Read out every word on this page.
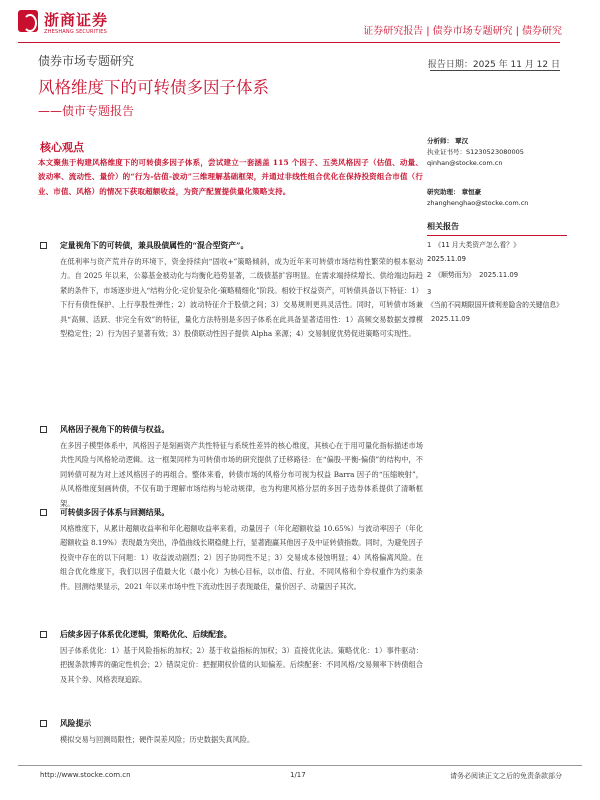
浙商证券
ZHESHANG SECURITIES	证券研究报告 | 债券市场专题研究 | 债券研究
债券市场专题研究	报告日期：2025 年 11 月 12 日
风格维度下的可转债多因子体系
——债市专题报告
核心观点
本文聚焦于构建风格维度下的可转债多因子体系，尝试建立一套涵盖 115 个因子、五类风格因子（估值、动量、波动率、流动性、量价）的“行为-估值-波动”三维理解基础框架，并通过非线性组合优化在保持投资组合市值（行业、市值、风格）的情况下获取超额收益，为资产配置提供量化策略支持。
定量视角下的可转债，兼具股债属性的“混合型资产”。
在低利率与资产荒并存的环境下，资金持续向“固收+”策略倾斜，成为近年来可转债市场结构性繁荣的根本驱动力。自 2025 年以来，公募基金被动化与均衡化趋势显著，二级债基扩容明显。在需求端持续增长、供给端边际趋紧的条件下，市场逐步进入“结构分化-定价复杂化-策略精细化”阶段。相较于权益资产，可转债具备以下特征：1）下行有债性保护、上行享股性弹性；2）波动特征介于股债之间；3）交易规则更具灵活性。同时，可转债市场兼具“高频、活跃、非完全有效”的特征，量化方法特别是多因子体系在此具备显著适用性：1）高频交易数据支撑模型稳定性；2）行为因子显著有效；3）股债联动性因子提供 Alpha 来源；4）交易制度优势促进策略可实现性。
风格因子视角下的转债与权益。
在多因子模型体系中，风格因子是刻画资产共性特征与系统性差异的核心维度，其核心在于用可量化指标描述市场共性风险与风格轮动逻辑。这一框架同样为可转债市场的研究提供了迁移路径：在“偏股-平衡-偏债”的结构中，不同转债可视为对上述风格因子的再组合。整体来看，转债市场的风格分布可视为权益 Barra 因子的“压缩映射”，从风格维度刻画转债，不仅有助于理解市场结构与轮动规律，也为构建风格分层的多因子选券体系提供了清晰框架。
可转债多因子体系与回测结果。
风格维度下，从累计超额收益率和年化超额收益率来看，动量因子（年化超额收益 10.65%）与波动率因子（年化超额收益 8.19%）表现最为突出，净值曲线长期稳健上行，显著跑赢其他因子及中证转债指数。同时，为避免因子投资中存在的以下问题：1）收益波动剧烈；2）因子协同性不足；3）交易成本侵蚀明显；4）风格偏离风险。在组合优化维度下，我们以因子值最大化（最小化）为核心目标，以市值、行业、不同风格和个券权重作为约束条件。回测结果显示，2021 年以来市场中性下流动性因子表现最佳，量价因子、动量因子其次。
后续多因子体系优化逻辑，策略优化、后续配套。
因子体系优化：1）基于风险指标的加权；2）基于收益指标的加权；3）直接优化法。策略优化：1）事件驱动：把握条款博弈的确定性机会；2）错误定价：把握期权价值的认知偏差。后续配套：不同风格/交易频率下转债组合及其个券、风格表现追踪。
风险提示
模拟交易与回测局限性；硬件误差风险；历史数据失真风险。
分析师： 覃汉
执业证书号：S1230523080005
qinhan@stocke.com.cn
研究助理： 章恒豪
zhanghenghao@stocke.com.cn
相关报告
1 《11 月大类资产怎么看？》
2025.11.09
2 《顺势而为》 2025.11.09
3《当前不同期限国开债利差隐含的关键信息》2025.11.09
http://www.stocke.com.cn	1/17	请务必阅读正文之后的免责条款部分
